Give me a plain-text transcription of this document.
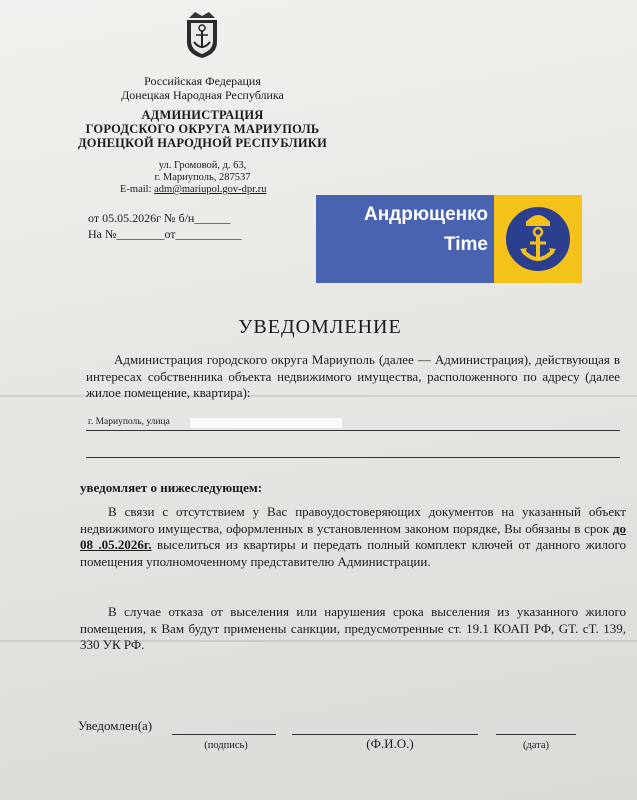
Российская Федерация
Донецкая Народная Республика
АДМИНИСТРАЦИЯ
ГОРОДСКОГО ОКРУГА МАРИУПОЛЬ
ДОНЕЦКОЙ НАРОДНОЙ РЕСПУБЛИКИ
ул. Громовой, д. 63,
г. Мариуполь, 287537
E-mail: adm@mariupol.gov-dpr.ru
от 05.05.2026г № б/н______
На №________от___________
Андрющенко
Time
УВЕДОМЛЕНИЕ
Администрация городского округа Мариуполь (далее — Администрация), действующая в интересах собственника объекта недвижимого имущества, расположенного по адресу (далее жилое помещение, квартира):
г. Мариуполь, улица
уведомляет о нижеследующем:
В связи с отсутствием у Вас правоудостоверяющих документов на указанный объект недвижимого имущества, оформленных в установленном законом порядке, Вы обязаны в срок до 08 .05.2026г. выселиться из квартиры и передать полный комплект ключей от данного жилого помещения уполномоченному представителю Администрации.
В случае отказа от выселения или нарушения срока выселения из указанного жилого помещения, к Вам будут применены санкции, предусмотренные ст. 19.1 КОАП РФ, GT. cT. 139, 330 УК РФ.
Уведомлен(а)
(подпись)	(Ф.И.О.)	(дата)
